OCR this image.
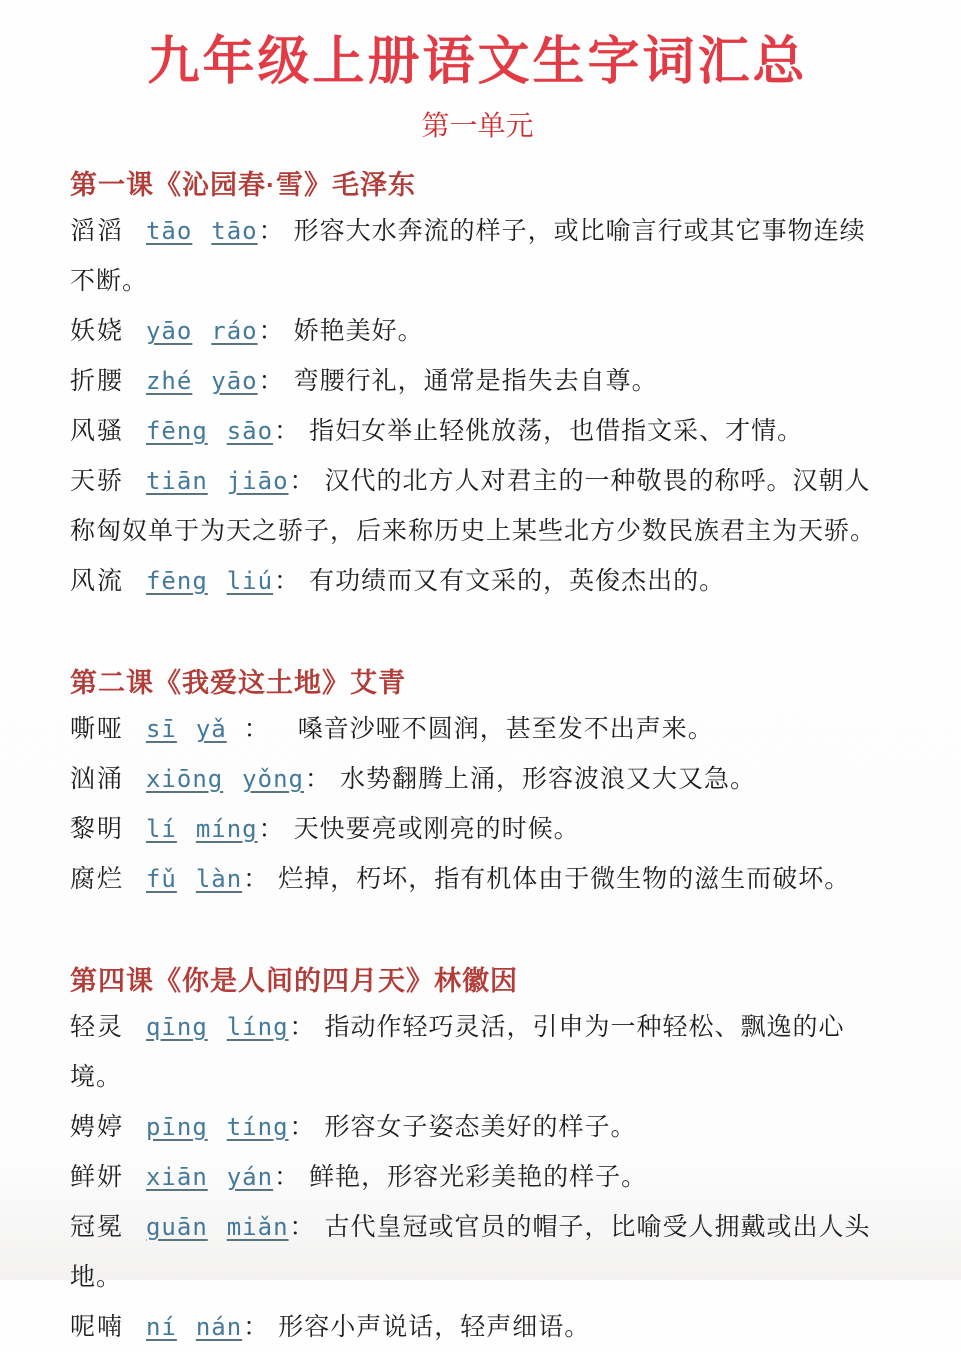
九年级上册语文生字词汇总
第一单元
第一课《沁园春·雪》毛泽东

滔滔 tāo tāo： 形容大水奔流的样子，或比喻言行或其它事物连续不断。

妖娆 yāo ráo： 娇艳美好。

折腰 zhé yāo： 弯腰行礼，通常是指失去自尊。

风骚 fēng sāo： 指妇女举止轻佻放荡，也借指文采、才情。

天骄 tiān jiāo： 汉代的北方人对君主的一种敬畏的称呼。汉朝人称匈奴单于为天之骄子，后来称历史上某些北方少数民族君主为天骄。

风流 fēng liú： 有功绩而又有文采的，英俊杰出的。

第二课《我爱这土地》艾青

嘶哑 sī yǎ ： 嗓音沙哑不圆润，甚至发不出声来。

汹涌 xiōng yǒng： 水势翻腾上涌，形容波浪又大又急。

黎明 lí míng： 天快要亮或刚亮的时候。

腐烂 fǔ làn： 烂掉，朽坏，指有机体由于微生物的滋生而破坏。

第四课《你是人间的四月天》林徽因

轻灵 qīng líng： 指动作轻巧灵活，引申为一种轻松、飘逸的心境。

娉婷 pīng tíng： 形容女子姿态美好的样子。

鲜妍 xiān yán： 鲜艳，形容光彩美艳的样子。

冠冕 guān miǎn： 古代皇冠或官员的帽子，比喻受人拥戴或出人头地。

呢喃 ní nán： 形容小声说话，轻声细语。
